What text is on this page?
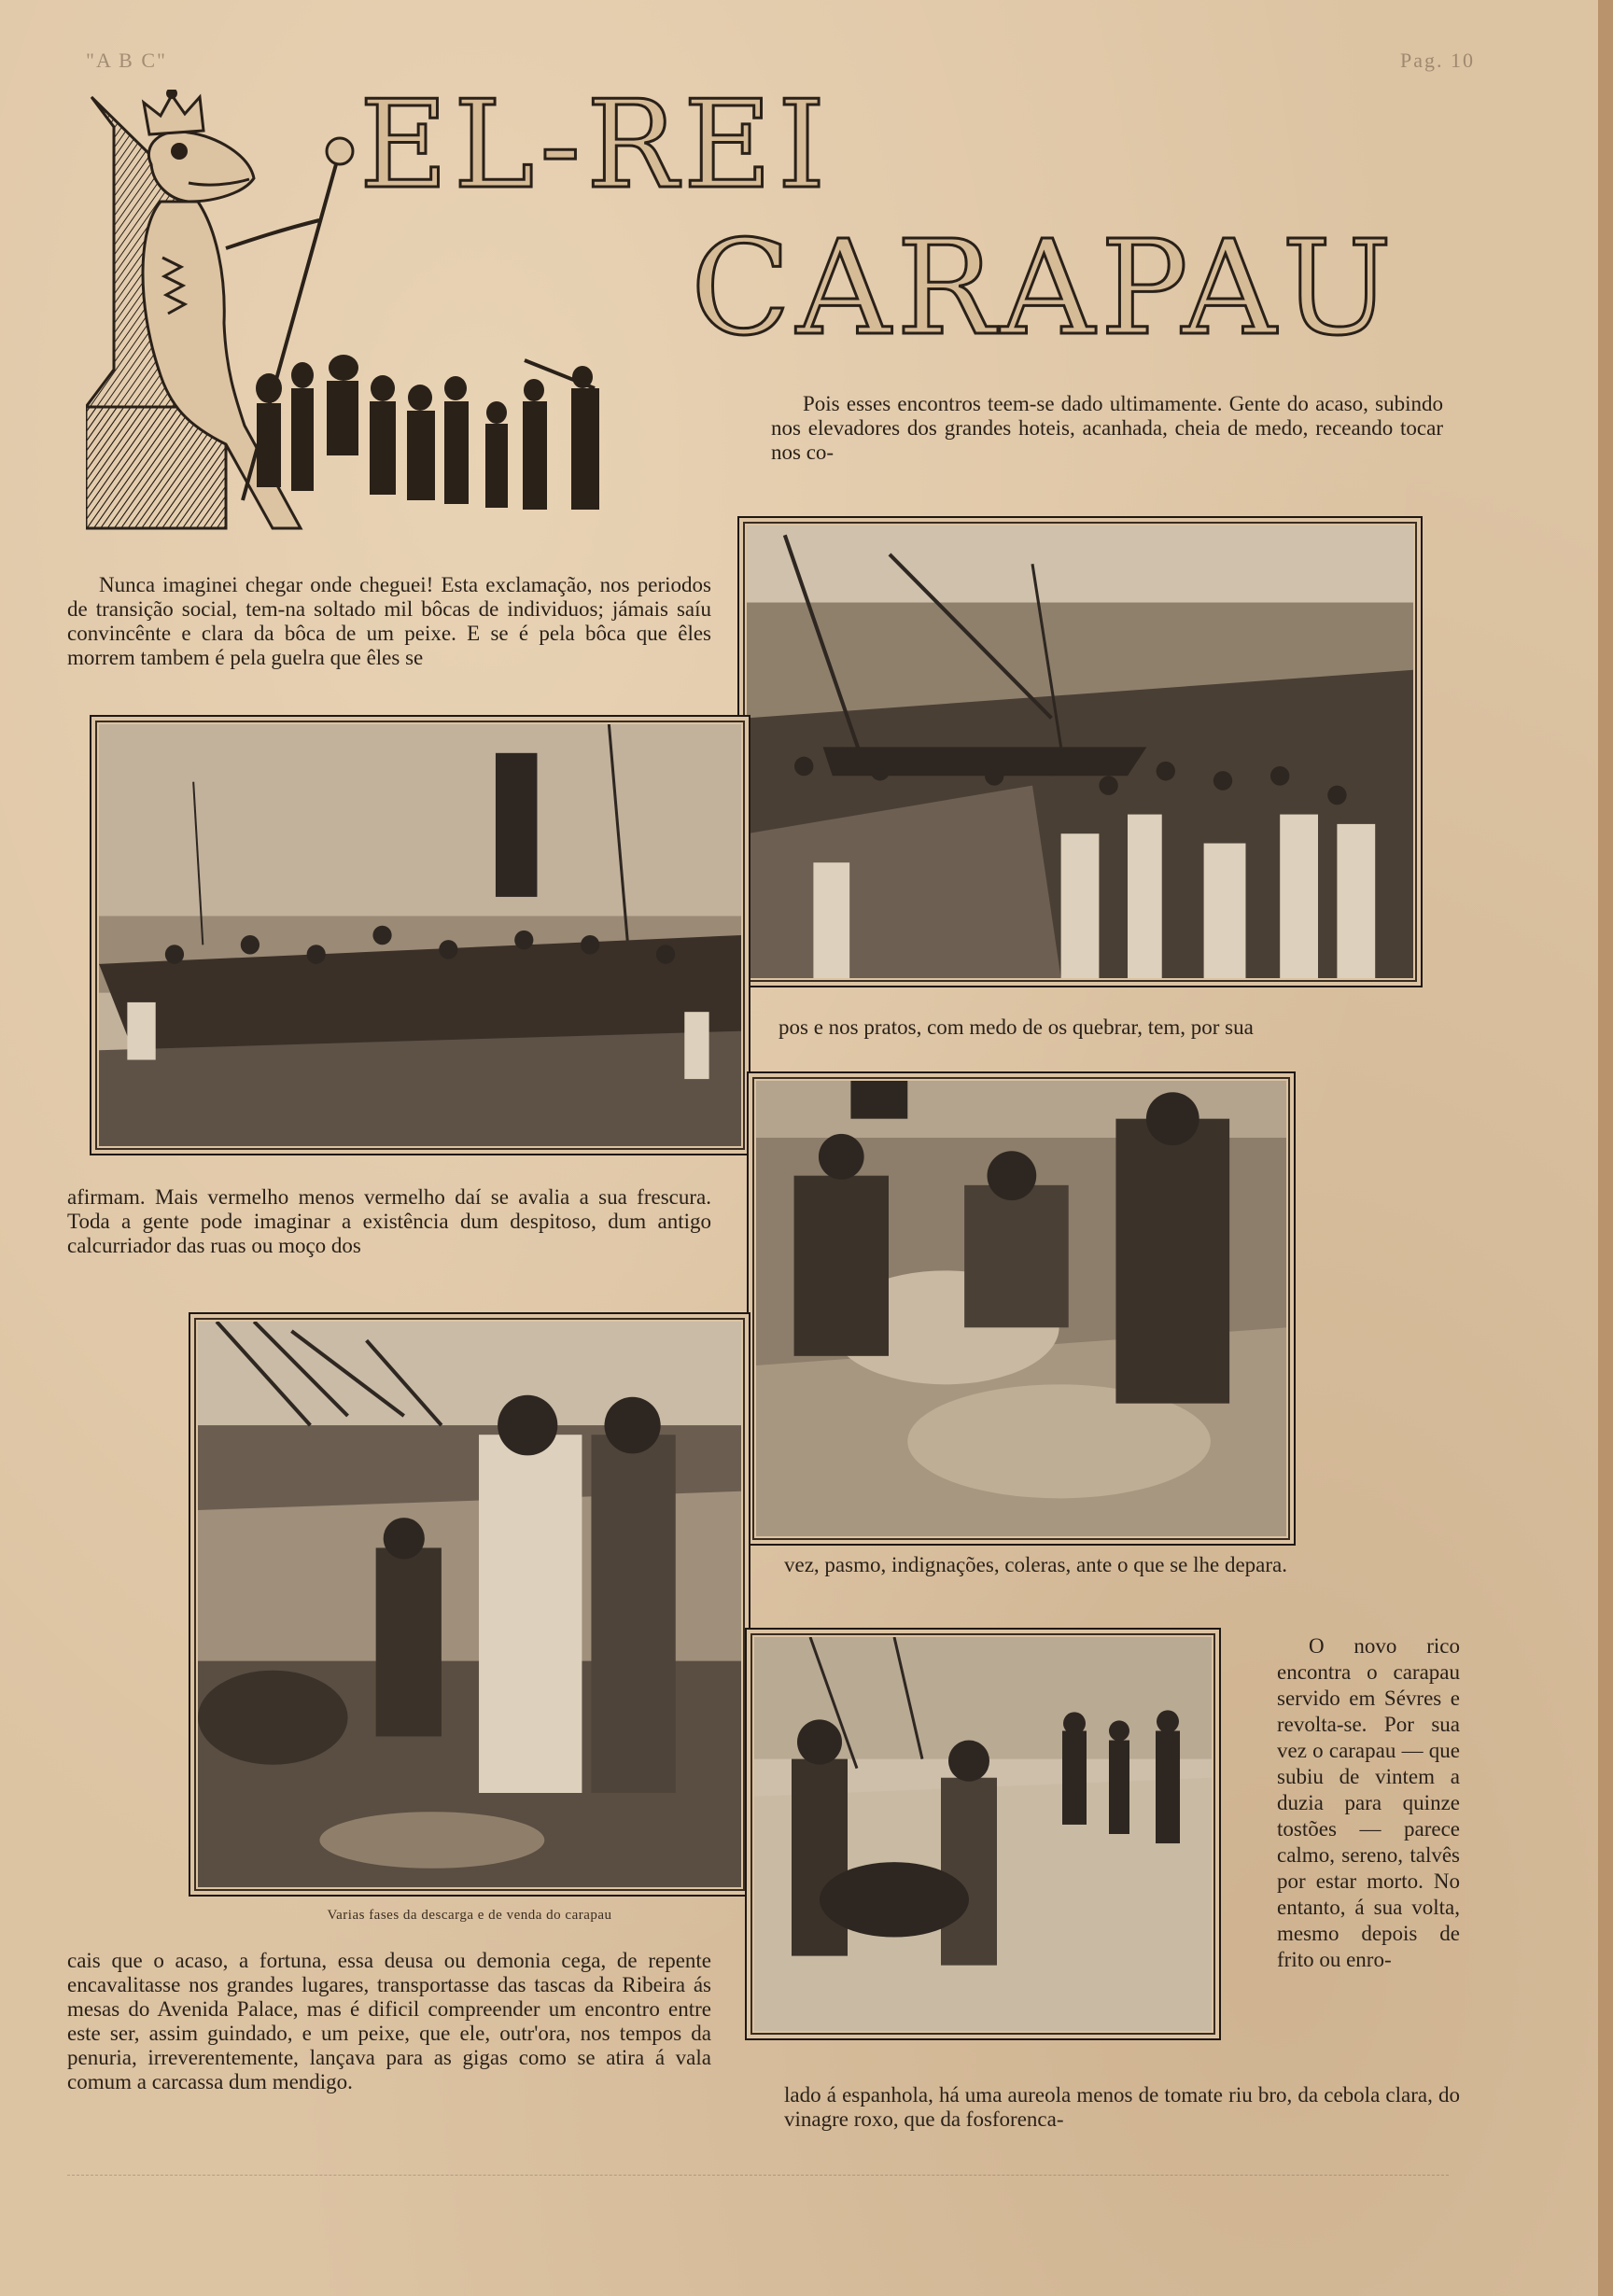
"A B C"	Pag. 10
EL-REI
CARAPAU

Pois esses encontros teem-se dado ultimamente. Gente do acaso, subindo nos elevadores dos grandes hoteis, acanhada, cheia de medo, receando tocar nos co-

Nunca imaginei chegar onde cheguei! Esta exclamação, nos periodos de transição social, tem-na soltado mil bôcas de individuos; jámais saíu convincênte e clara da bôca de um peixe. E se é pela bôca que êles morrem tambem é pela guelra que êles se

pos e nos pratos, com medo de os quebrar, tem, por sua

afirmam. Mais vermelho menos vermelho daí se avalia a sua frescura. Toda a gente pode imaginar a existência dum despitoso, dum antigo calcurriador das ruas ou moço dos

vez, pasmo, indignações, coleras, ante o que se lhe depara.

O novo rico encontra o carapau servido em Sévres e revolta-se. Por sua vez o carapau — que subiu de vintem a duzia para quinze tostões — parece calmo, sereno, talvês por estar morto. No entanto, á sua volta, mesmo depois de frito ou enro-

cais que o acaso, a fortuna, essa deusa ou demonia cega, de repente encavalitasse nos grandes lugares, transportasse das tascas da Ribeira ás mesas do Avenida Palace, mas é dificil compreender um encontro entre este ser, assim guindado, e um peixe, que ele, outr'ora, nos tempos da penuria, irreverentemente, lançava para as gigas como se atira á vala comum a carcassa dum mendigo.

lado á espanhola, há uma aureola menos de tomate riu bro, da cebola clara, do vinagre roxo, que da fosforenca-

Varias fases da descarga e de venda do carapau
